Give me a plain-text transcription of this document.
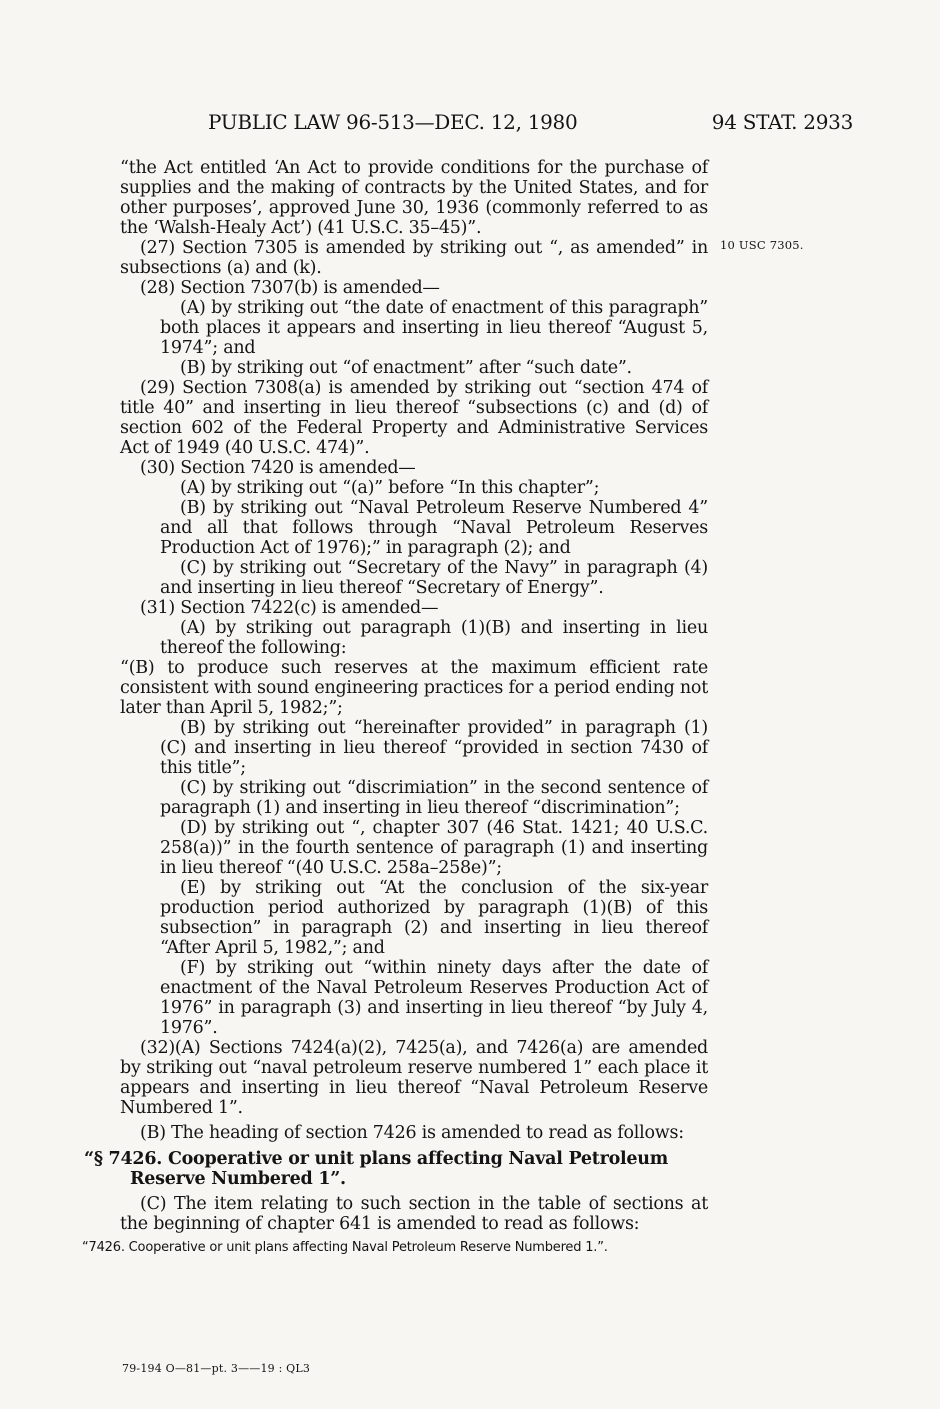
PUBLIC LAW 96-513—DEC. 12, 1980	94 STAT. 2933
10 USC 7305.

“the Act entitled ‘An Act to provide conditions for the purchase of supplies and the making of contracts by the United States, and for other purposes’, approved June 30, 1936 (commonly referred to as the ‘Walsh-Healy Act’) (41 U.S.C. 35–45)”.

(27) Section 7305 is amended by striking out “, as amended” in subsections (a) and (k).

(28) Section 7307(b) is amended—

(A) by striking out “the date of enactment of this paragraph” both places it appears and inserting in lieu thereof “August 5, 1974”; and

(B) by striking out “of enactment” after “such date”.

(29) Section 7308(a) is amended by striking out “section 474 of title 40” and inserting in lieu thereof “subsections (c) and (d) of section 602 of the Federal Property and Administrative Services Act of 1949 (40 U.S.C. 474)”.

(30) Section 7420 is amended—

(A) by striking out “(a)” before “In this chapter”;

(B) by striking out “Naval Petroleum Reserve Numbered 4” and all that follows through “Naval Petroleum Reserves Production Act of 1976);” in paragraph (2); and

(C) by striking out “Secretary of the Navy” in paragraph (4) and inserting in lieu thereof “Secretary of Energy”.

(31) Section 7422(c) is amended—

(A) by striking out paragraph (1)(B) and inserting in lieu thereof the following:

“(B) to produce such reserves at the maximum efficient rate consistent with sound engineering practices for a period ending not later than April 5, 1982;”;

(B) by striking out “hereinafter provided” in paragraph (1)(C) and inserting in lieu thereof “provided in section 7430 of this title”;

(C) by striking out “discrimiation” in the second sentence of paragraph (1) and inserting in lieu thereof “discrimination”;

(D) by striking out “, chapter 307 (46 Stat. 1421; 40 U.S.C. 258(a))” in the fourth sentence of paragraph (1) and inserting in lieu thereof “(40 U.S.C. 258a–258e)”;

(E) by striking out “At the conclusion of the six-year production period authorized by paragraph (1)(B) of this subsection” in paragraph (2) and inserting in lieu thereof “After April 5, 1982,”; and

(F) by striking out “within ninety days after the date of enactment of the Naval Petroleum Reserves Production Act of 1976” in paragraph (3) and inserting in lieu thereof “by July 4, 1976”.

(32)(A) Sections 7424(a)(2), 7425(a), and 7426(a) are amended by striking out “naval petroleum reserve numbered 1” each place it appears and inserting in lieu thereof “Naval Petroleum Reserve Numbered 1”.

(B) The heading of section 7426 is amended to read as follows:

“§ 7426. Cooperative or unit plans affecting Naval Petroleum Reserve Numbered 1”.

(C) The item relating to such section in the table of sections at the beginning of chapter 641 is amended to read as follows:

“7426. Cooperative or unit plans affecting Naval Petroleum Reserve Numbered 1.”.

79-194 O—81—pt. 3——19 : QL3
